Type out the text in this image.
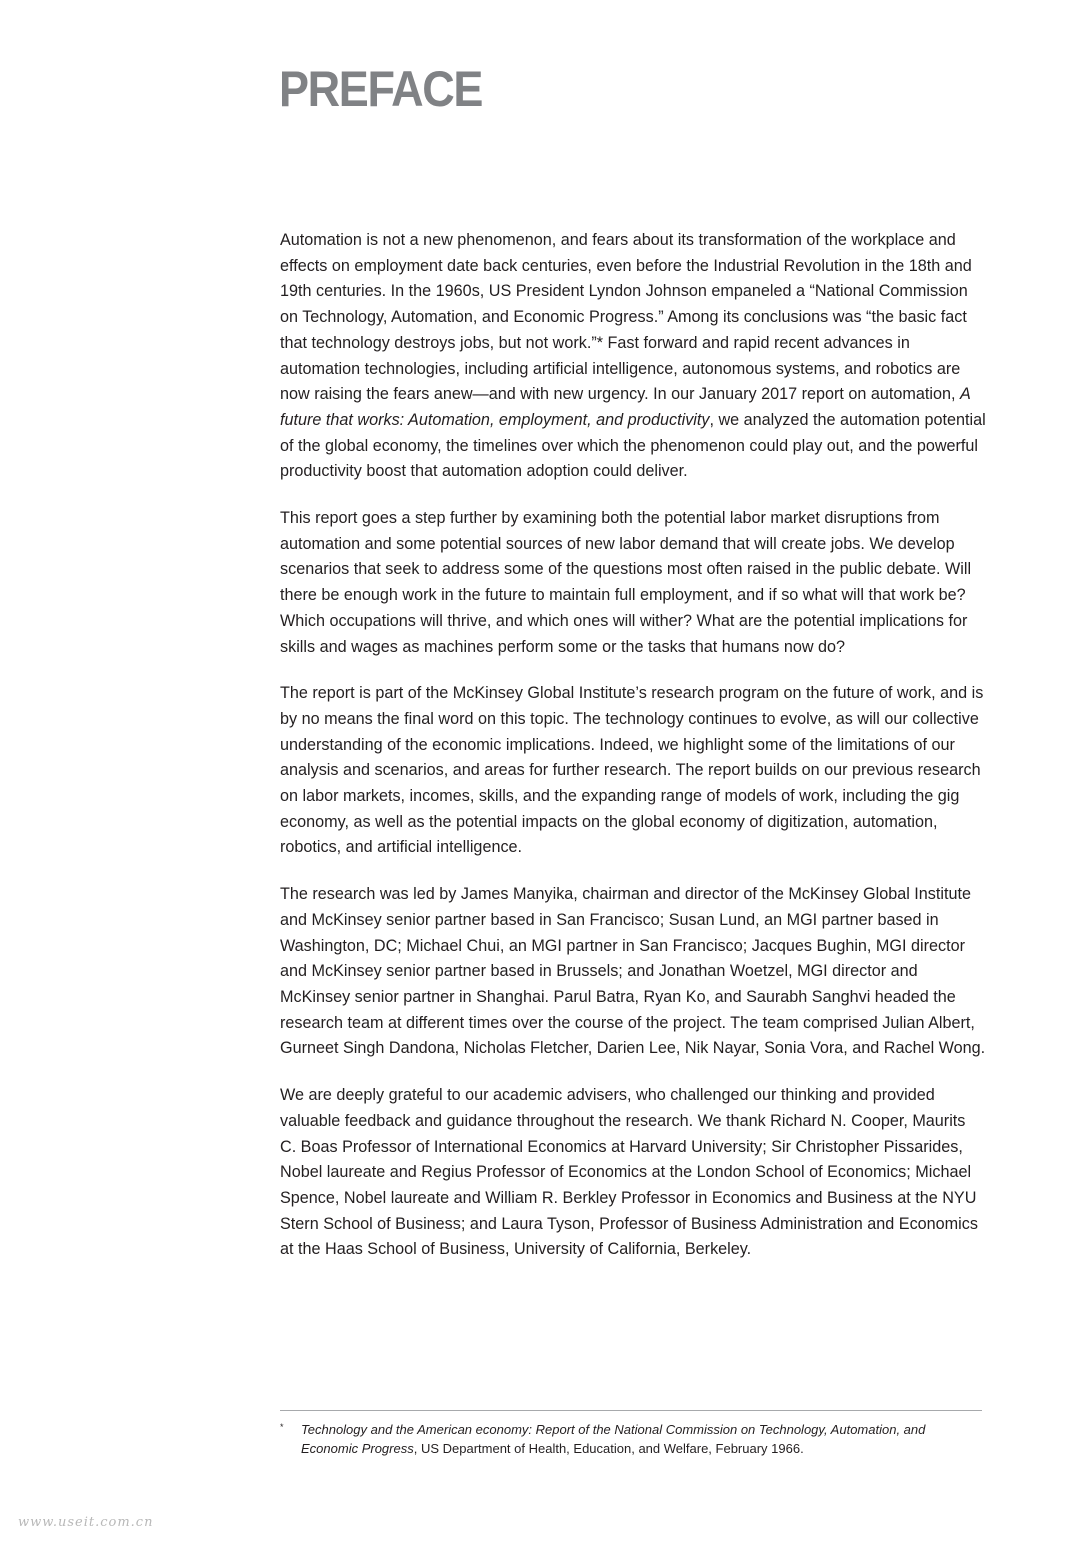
PREFACE

Automation is not a new phenomenon, and fears about its transformation of the workplace and effects on employment date back centuries, even before the Industrial Revolution in the 18th and 19th centuries. In the 1960s, US President Lyndon Johnson empaneled a “National Commission on Technology, Automation, and Economic Progress.” Among its conclusions was “the basic fact that technology destroys jobs, but not work.”* Fast forward and rapid recent advances in automation technologies, including artificial intelligence, autonomous systems, and robotics are now raising the fears anew—and with new urgency. In our January 2017 report on automation, A future that works: Automation, employment, and productivity, we analyzed the automation potential of the global economy, the timelines over which the phenomenon could play out, and the powerful productivity boost that automation adoption could deliver.

This report goes a step further by examining both the potential labor market disruptions from automation and some potential sources of new labor demand that will create jobs. We develop scenarios that seek to address some of the questions most often raised in the public debate. Will there be enough work in the future to maintain full employment, and if so what will that work be? Which occupations will thrive, and which ones will wither? What are the potential implications for skills and wages as machines perform some or the tasks that humans now do?

The report is part of the McKinsey Global Institute’s research program on the future of work, and is by no means the final word on this topic. The technology continues to evolve, as will our collective understanding of the economic implications. Indeed, we highlight some of the limitations of our analysis and scenarios, and areas for further research. The report builds on our previous research on labor markets, incomes, skills, and the expanding range of models of work, including the gig economy, as well as the potential impacts on the global economy of digitization, automation, robotics, and artificial intelligence.

The research was led by James Manyika, chairman and director of the McKinsey Global Institute and McKinsey senior partner based in San Francisco; Susan Lund, an MGI partner based in Washington, DC; Michael Chui, an MGI partner in San Francisco; Jacques Bughin, MGI director and McKinsey senior partner based in Brussels; and Jonathan Woetzel, MGI director and McKinsey senior partner in Shanghai. Parul Batra, Ryan Ko, and Saurabh Sanghvi headed the research team at different times over the course of the project. The team comprised Julian Albert, Gurneet Singh Dandona, Nicholas Fletcher, Darien Lee, Nik Nayar, Sonia Vora, and Rachel Wong.

We are deeply grateful to our academic advisers, who challenged our thinking and provided valuable feedback and guidance throughout the research. We thank Richard N. Cooper, Maurits C. Boas Professor of International Economics at Harvard University; Sir Christopher Pissarides, Nobel laureate and Regius Professor of Economics at the London School of Economics; Michael Spence, Nobel laureate and William R. Berkley Professor in Economics and Business at the NYU Stern School of Business; and Laura Tyson, Professor of Business Administration and Economics at the Haas School of Business, University of California, Berkeley.

* Technology and the American economy: Report of the National Commission on Technology, Automation, and Economic Progress, US Department of Health, Education, and Welfare, February 1966.
www.useit.com.cn
